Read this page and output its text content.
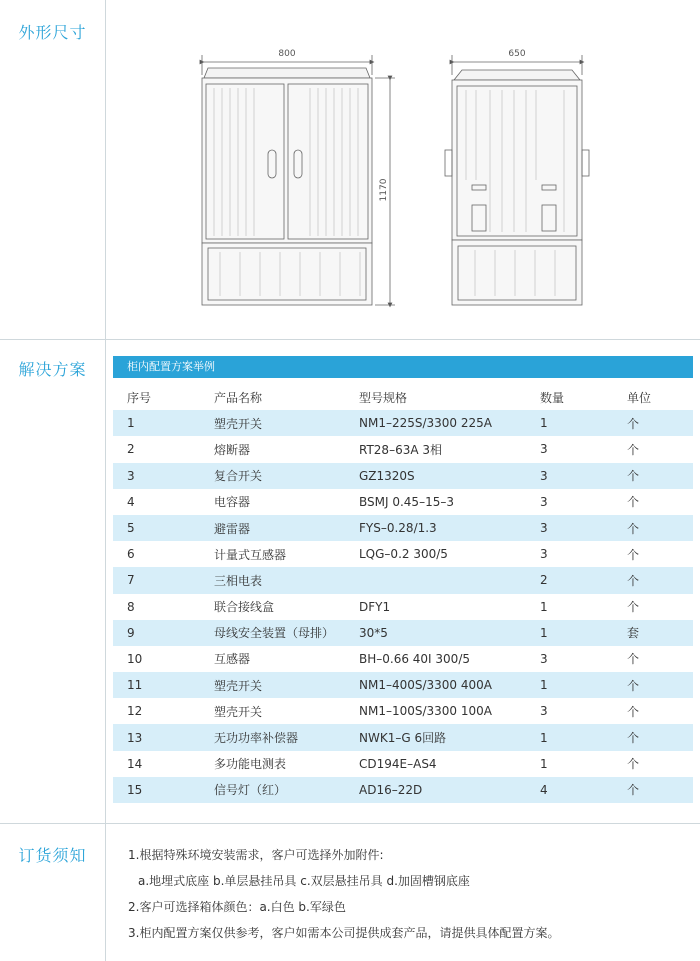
外形尺寸
解决方案
订货须知
800	650
1170
柜内配置方案举例
序号	产品名称	型号规格	数量	单位
1	塑壳开关	NM1–225S/3300 225A	1	个
2	熔断器	RT28–63A 3相	3	个
3	复合开关	GZ1320S	3	个
4	电容器	BSMJ 0.45–15–3	3	个
5	避雷器	FYS–0.28/1.3	3	个
6	计量式互感器	LQG–0.2 300/5	3	个
7	三相电表		2	个
8	联合接线盒	DFY1	1	个
9	母线安全装置（母排）	30*5	1	套
10	互感器	BH–0.66 40I 300/5	3	个
11	塑壳开关	NM1–400S/3300 400A	1	个
12	塑壳开关	NM1–100S/3300 100A	3	个
13	无功功率补偿器	NWK1–G 6回路	1	个
14	多功能电测表	CD194E–AS4	1	个
15	信号灯（红）	AD16–22D	4	个
1.根据特殊环境安装需求，客户可选择外加附件:
a.地埋式底座 b.单层悬挂吊具 c.双层悬挂吊具 d.加固槽钢底座
2.客户可选择箱体颜色：a.白色 b.军绿色
3.柜内配置方案仅供参考，客户如需本公司提供成套产品，请提供具体配置方案。
